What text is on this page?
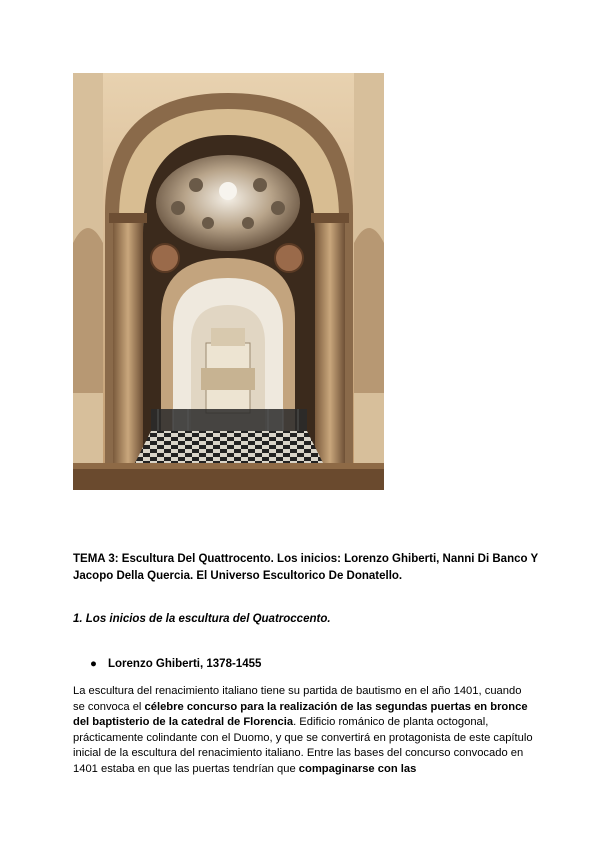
TEMA 3: Escultura Del Quattrocento. Los inicios: Lorenzo Ghiberti, Nanni Di Banco Y Jacopo Della Quercia. El Universo Escultorico De Donatello.
1. Los inicios de la escultura del Quatroccento.
● Lorenzo Ghiberti, 1378-1455
La escultura del renacimiento italiano tiene su partida de bautismo en el año 1401, cuando se convoca el célebre concurso para la realización de las segundas puertas en bronce del baptisterio de la catedral de Florencia. Edificio románico de planta octogonal, prácticamente colindante con el Duomo, y que se convertirá en protagonista de este capítulo inicial de la escultura del renacimiento italiano. Entre las bases del concurso convocado en 1401 estaba en que las puertas tendrían que compaginarse con las
